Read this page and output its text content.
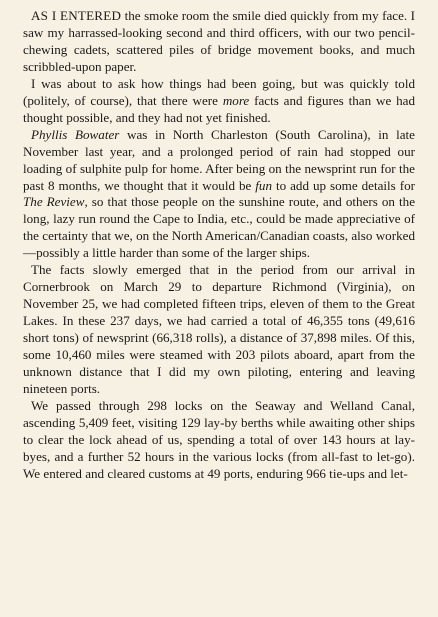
AS I ENTERED the smoke room the smile died quickly from my face. I saw my harrassed-looking second and third officers, with our two pencil-chewing cadets, scattered piles of bridge movement books, and much scribbled-upon paper.

I was about to ask how things had been going, but was quickly told (politely, of course), that there were more facts and figures than we had thought possible, and they had not yet finished.

Phyllis Bowater was in North Charleston (South Carolina), in late November last year, and a prolonged period of rain had stopped our loading of sulphite pulp for home. After being on the newsprint run for the past 8 months, we thought that it would be fun to add up some details for The Review, so that those people on the sunshine route, and others on the long, lazy run round the Cape to India, etc., could be made appreciative of the certainty that we, on the North American/Canadian coasts, also worked—possibly a little harder than some of the larger ships.

The facts slowly emerged that in the period from our arrival in Cornerbrook on March 29 to departure Richmond (Virginia), on November 25, we had completed fifteen trips, eleven of them to the Great Lakes. In these 237 days, we had carried a total of 46,355 tons (49,616 short tons) of newsprint (66,318 rolls), a distance of 37,898 miles. Of this, some 10,460 miles were steamed with 203 pilots aboard, apart from the unknown distance that I did my own piloting, entering and leaving nineteen ports.

We passed through 298 locks on the Seaway and Welland Canal, ascending 5,409 feet, visiting 129 lay-by berths while awaiting other ships to clear the lock ahead of us, spending a total of over 143 hours at lay-byes, and a further 52 hours in the various locks (from all-fast to let-go). We entered and cleared customs at 49 ports, enduring 966 tie-ups and let-
